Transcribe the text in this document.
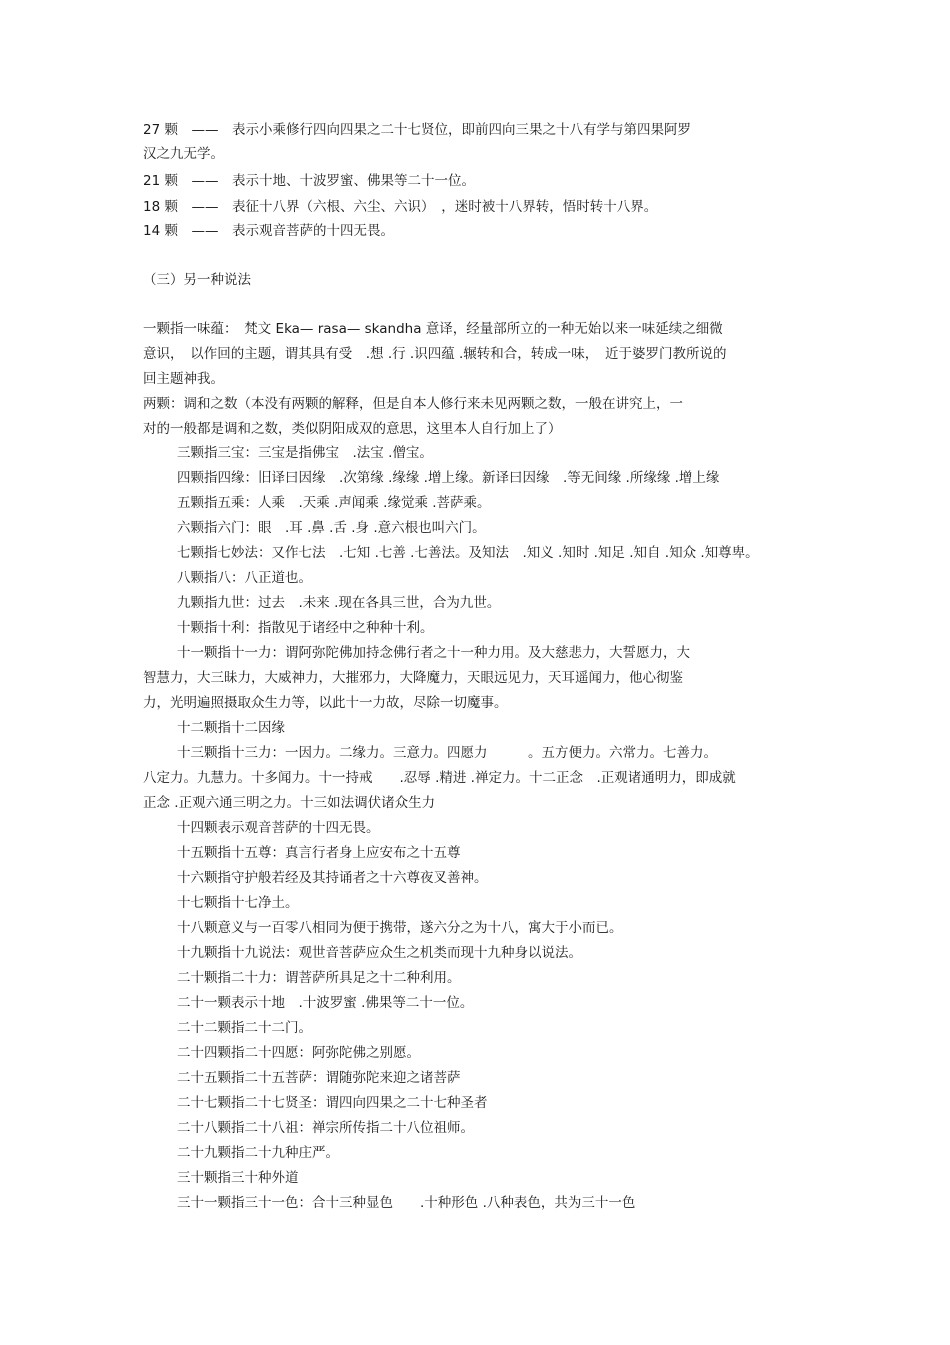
27 颗　——　表示小乘修行四向四果之二十七贤位，即前四向三果之十八有学与第四果阿罗
汉之九无学。
21 颗　——　表示十地、十波罗蜜、佛果等二十一位。
18 颗　——　表征十八界（六根、六尘、六识）　，迷时被十八界转，悟时转十八界。
14 颗　——　表示观音菩萨的十四无畏。
（三）另一种说法
一颗指一味蕴：　梵文 Eka— rasa— skandha 意译，经量部所立的一种无始以来一味延续之细微
意识，　以作回的主题，谓其具有受　.想 .行 .识四蕴 .辗转和合，转成一味，　近于婆罗门教所说的
回主题神我。
两颗：调和之数（本没有两颗的解释，但是自本人修行来未见两颗之数，一般在讲究上，一
对的一般都是调和之数，类似阴阳成双的意思，这里本人自行加上了）
三颗指三宝：三宝是指佛宝　.法宝 .僧宝。
四颗指四缘：旧译曰因缘　.次第缘 .缘缘 .增上缘。新译曰因缘　.等无间缘 .所缘缘 .增上缘
五颗指五乘：人乘　.天乘 .声闻乘 .缘觉乘 .菩萨乘。
六颗指六门：眼　.耳 .鼻 .舌 .身 .意六根也叫六门。
七颗指七妙法：又作七法　.七知 .七善 .七善法。及知法　.知义 .知时 .知足 .知自 .知众 .知尊卑。
八颗指八：八正道也。
九颗指九世：过去　.未来 .现在各具三世，合为九世。
十颗指十利：指散见于诸经中之种种十利。
十一颗指十一力：谓阿弥陀佛加持念佛行者之十一种力用。及大慈悲力，大誓愿力，大
智慧力，大三昧力，大威神力，大摧邪力，大降魔力，天眼远见力，天耳遥闻力，他心彻鉴
力，光明遍照摄取众生力等，以此十一力故，尽除一切魔事。
十二颗指十二因缘
十三颗指十三力：一因力。二缘力。三意力。四愿力　　　。五方便力。六常力。七善力。
八定力。九慧力。十多闻力。十一持戒　　.忍辱 .精进 .禅定力。十二正念　.正观诸通明力，即成就
正念 .正观六通三明之力。十三如法调伏诸众生力
十四颗表示观音菩萨的十四无畏。
十五颗指十五尊：真言行者身上应安布之十五尊
十六颗指守护般若经及其持诵者之十六尊夜叉善神。
十七颗指十七净土。
十八颗意义与一百零八相同为便于携带，遂六分之为十八，寓大于小而已。
十九颗指十九说法：观世音菩萨应众生之机类而现十九种身以说法。
二十颗指二十力：谓菩萨所具足之十二种利用。
二十一颗表示十地　.十波罗蜜 .佛果等二十一位。
二十二颗指二十二门。
二十四颗指二十四愿：阿弥陀佛之别愿。
二十五颗指二十五菩萨：谓随弥陀来迎之诸菩萨
二十七颗指二十七贤圣：谓四向四果之二十七种圣者
二十八颗指二十八祖：禅宗所传指二十八位祖师。
二十九颗指二十九种庄严。
三十颗指三十种外道
三十一颗指三十一色：合十三种显色　　.十种形色 .八种表色，共为三十一色
